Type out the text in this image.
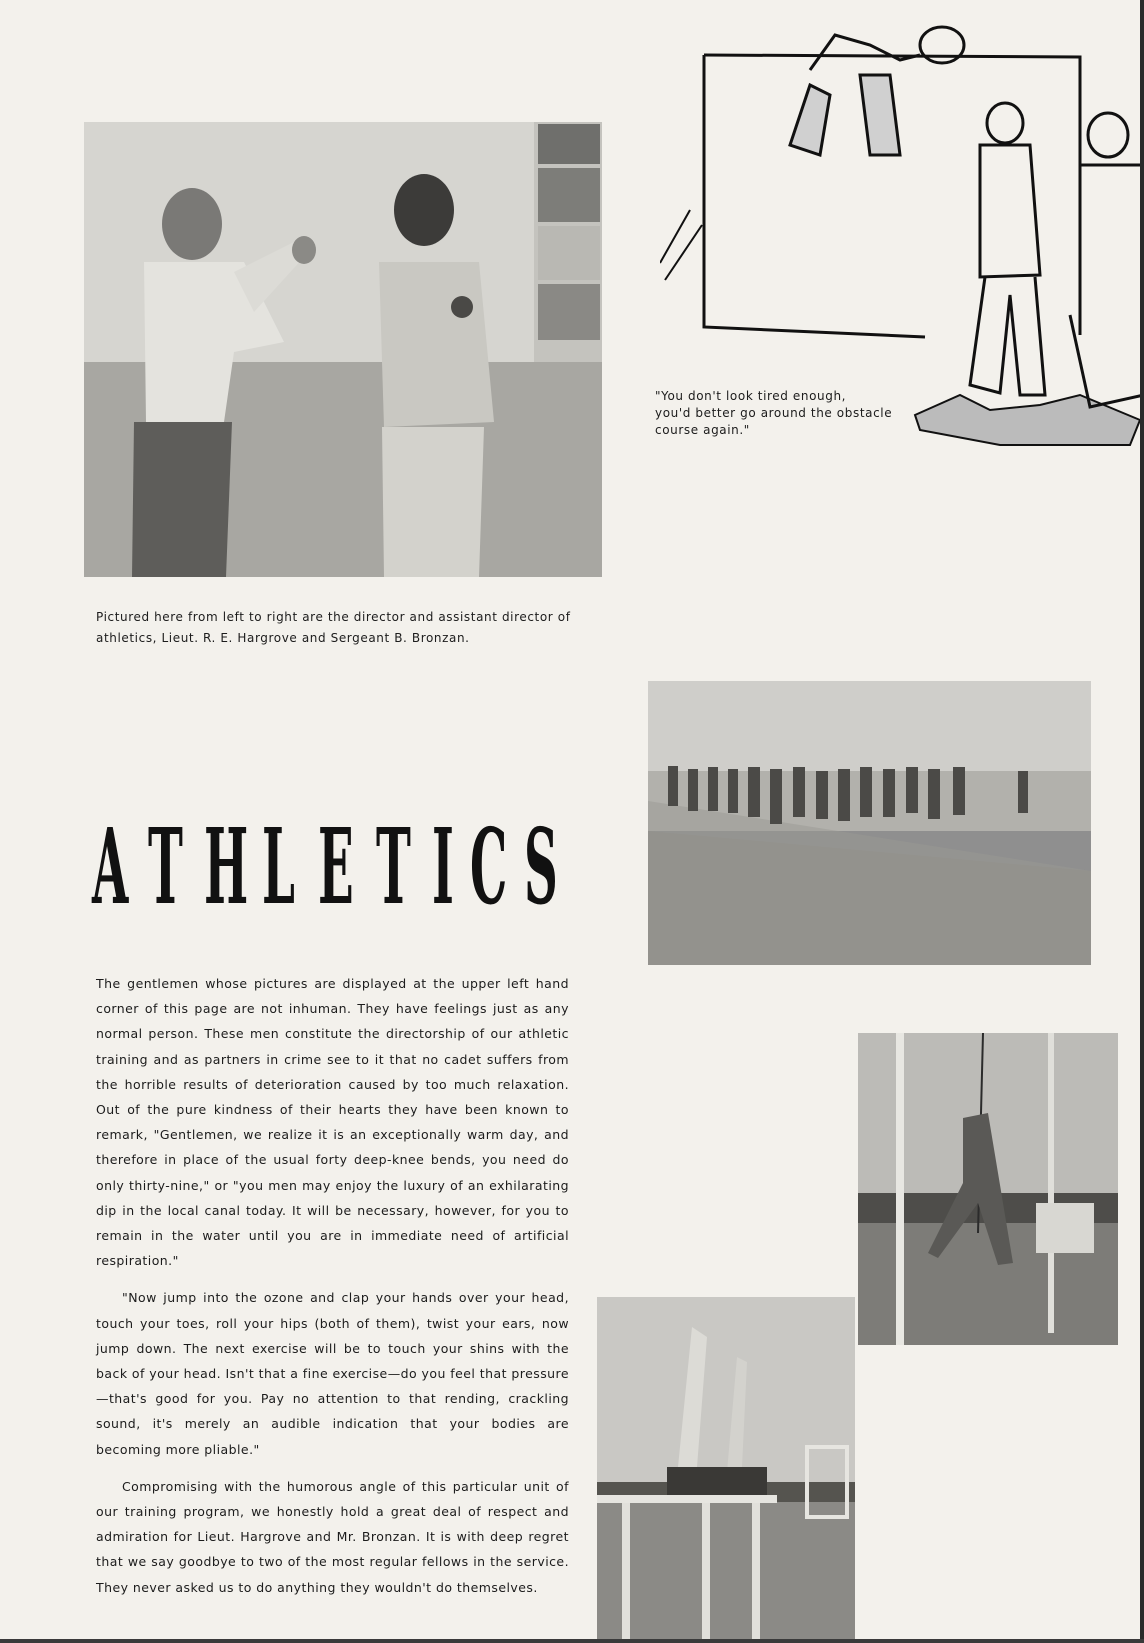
"You don't look tired enough,
you'd better go around the obstacle
course again."
Pictured here from left to right are the director and assistant director of athletics, Lieut. R. E. Hargrove and Sergeant B. Bronzan.
A T H L E T I C S

The gentlemen whose pictures are displayed at the upper left hand corner of this page are not inhuman. They have feelings just as any normal person. These men constitute the directorship of our athletic training and as partners in crime see to it that no cadet suffers from the horrible results of deterioration caused by too much relaxation. Out of the pure kindness of their hearts they have been known to remark, "Gentlemen, we realize it is an exceptionally warm day, and therefore in place of the usual forty deep-knee bends, you need do only thirty-nine," or "you men may enjoy the luxury of an exhilarating dip in the local canal today. It will be necessary, however, for you to remain in the water until you are in immediate need of artificial respiration."

"Now jump into the ozone and clap your hands over your head, touch your toes, roll your hips (both of them), twist your ears, now jump down. The next exercise will be to touch your shins with the back of your head. Isn't that a fine exercise—do you feel that pressure—that's good for you. Pay no attention to that rending, crackling sound, it's merely an audible indication that your bodies are becoming more pliable."

Compromising with the humorous angle of this particular unit of our training program, we honestly hold a great deal of respect and admiration for Lieut. Hargrove and Mr. Bronzan. It is with deep regret that we say goodbye to two of the most regular fellows in the service. They never asked us to do anything they wouldn't do themselves.
